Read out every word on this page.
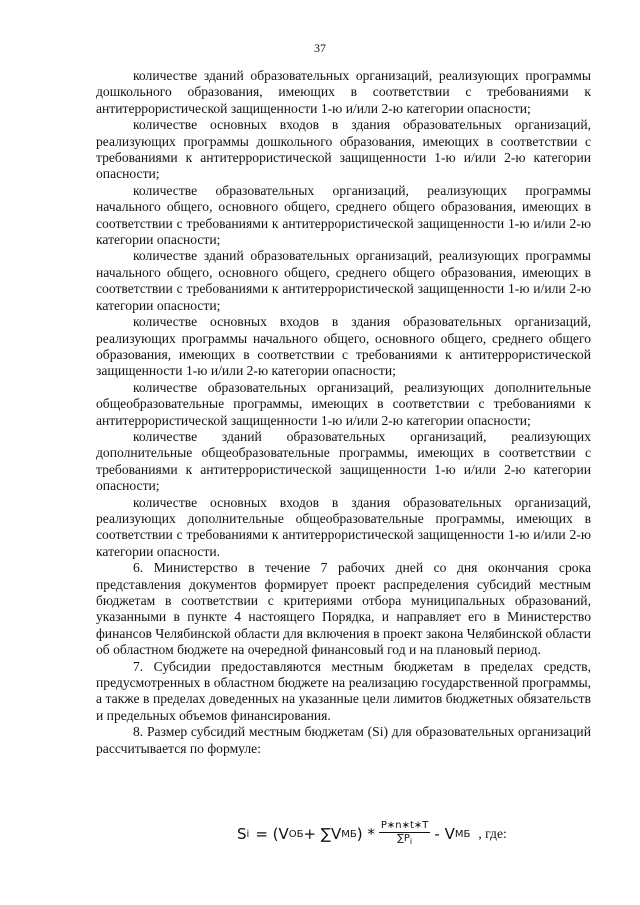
37

количестве зданий образовательных организаций, реализующих программы дошкольного образования, имеющих в соответствии с требованиями к антитеррористической защищенности 1-ю и/или 2-ю категории опасности;

количестве основных входов в здания образовательных организаций, реализующих программы дошкольного образования, имеющих в соответствии с требованиями к антитеррористической защищенности 1-ю и/или 2-ю категории опасности;

количестве образовательных организаций, реализующих программы начального общего, основного общего, среднего общего образования, имеющих в соответствии с требованиями к антитеррористической защищенности 1-ю и/или 2-ю категории опасности;

количестве зданий образовательных организаций, реализующих программы начального общего, основного общего, среднего общего образования, имеющих в соответствии с требованиями к антитеррористической защищенности 1-ю и/или 2-ю категории опасности;

количестве основных входов в здания образовательных организаций, реализующих программы начального общего, основного общего, среднего общего образования, имеющих в соответствии с требованиями к антитеррористической защищенности 1-ю и/или 2-ю категории опасности;

количестве образовательных организаций, реализующих дополнительные общеобразовательные программы, имеющих в соответствии с требованиями к антитеррористической защищенности 1-ю и/или 2-ю категории опасности;

количестве зданий образовательных организаций, реализующих дополнительные общеобразовательные программы, имеющих в соответствии с требованиями к антитеррористической защищенности 1-ю и/или 2-ю категории опасности;

количестве основных входов в здания образовательных организаций, реализующих дополнительные общеобразовательные программы, имеющих в соответствии с требованиями к антитеррористической защищенности 1-ю и/или 2-ю категории опасности.

6. Министерство в течение 7 рабочих дней со дня окончания срока представления документов формирует проект распределения субсидий местным бюджетам в соответствии с критериями отбора муниципальных образований, указанными в пункте 4 настоящего Порядка, и направляет его в Министерство финансов Челябинской области для включения в проект закона Челябинской области об областном бюджете на очередной финансовый год и на плановый период.

7. Субсидии предоставляются местным бюджетам в пределах средств, предусмотренных в областном бюджете на реализацию государственной программы, а также в пределах доведенных на указанные цели лимитов бюджетных обязательств и предельных объемов финансирования.

8. Размер субсидий местным бюджетам (Si) для образовательных организаций рассчитывается по формуле:

S i = (V ОБ + ∑V МБ ) * $\frac{P∗n∗t∗T}{\sum P_i}$ - V МБ , где:
